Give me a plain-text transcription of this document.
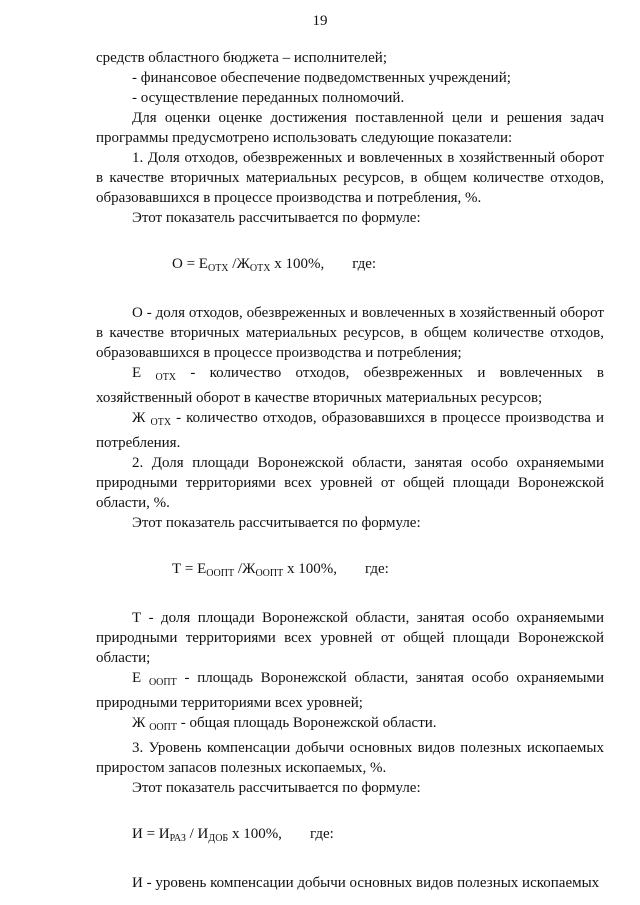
19

средств областного бюджета – исполнителей;

- финансовое обеспечение подведомственных учреждений;

- осуществление переданных полномочий.

Для оценки оценке достижения поставленной цели и решения задач программы предусмотрено использовать следующие показатели:

1. Доля отходов, обезвреженных и вовлеченных в хозяйственный оборот в качестве вторичных материальных ресурсов, в общем количестве отходов, образовавшихся в процессе производства и потребления, %.

Этот показатель рассчитывается по формуле:

$О = Е_{ОТХ}$ $/Ж_{ОТХ}$ х 100%, где:

О - доля отходов, обезвреженных и вовлеченных в хозяйственный оборот в качестве вторичных материальных ресурсов, в общем количестве отходов, образовавшихся в процессе производства и потребления;

Е $_{ОТХ}$ - количество отходов, обезвреженных и вовлеченных в хозяйственный оборот в качестве вторичных материальных ресурсов;

Ж $_{ОТХ}$ - количество отходов, образовавшихся в процессе производства и потребления.

2. Доля площади Воронежской области, занятая особо охраняемыми природными территориями всех уровней от общей площади Воронежской области, %.

Этот показатель рассчитывается по формуле:

$Т = Е_{ООПТ}$ $/Ж_{ООПТ}$ х 100%, где:

Т - доля площади Воронежской области, занятая особо охраняемыми природными территориями всех уровней от общей площади Воронежской области;

Е $_{ООПТ}$ - площадь Воронежской области, занятая особо охраняемыми природными территориями всех уровней;

Ж $_{ООПТ}$ - общая площадь Воронежской области.

3. Уровень компенсации добычи основных видов полезных ископаемых приростом запасов полезных ископаемых, %.

Этот показатель рассчитывается по формуле:

$И = И_{РАЗ} / И_{ДОБ}$ х 100%, где:

И - уровень компенсации добычи основных видов полезных ископаемых
